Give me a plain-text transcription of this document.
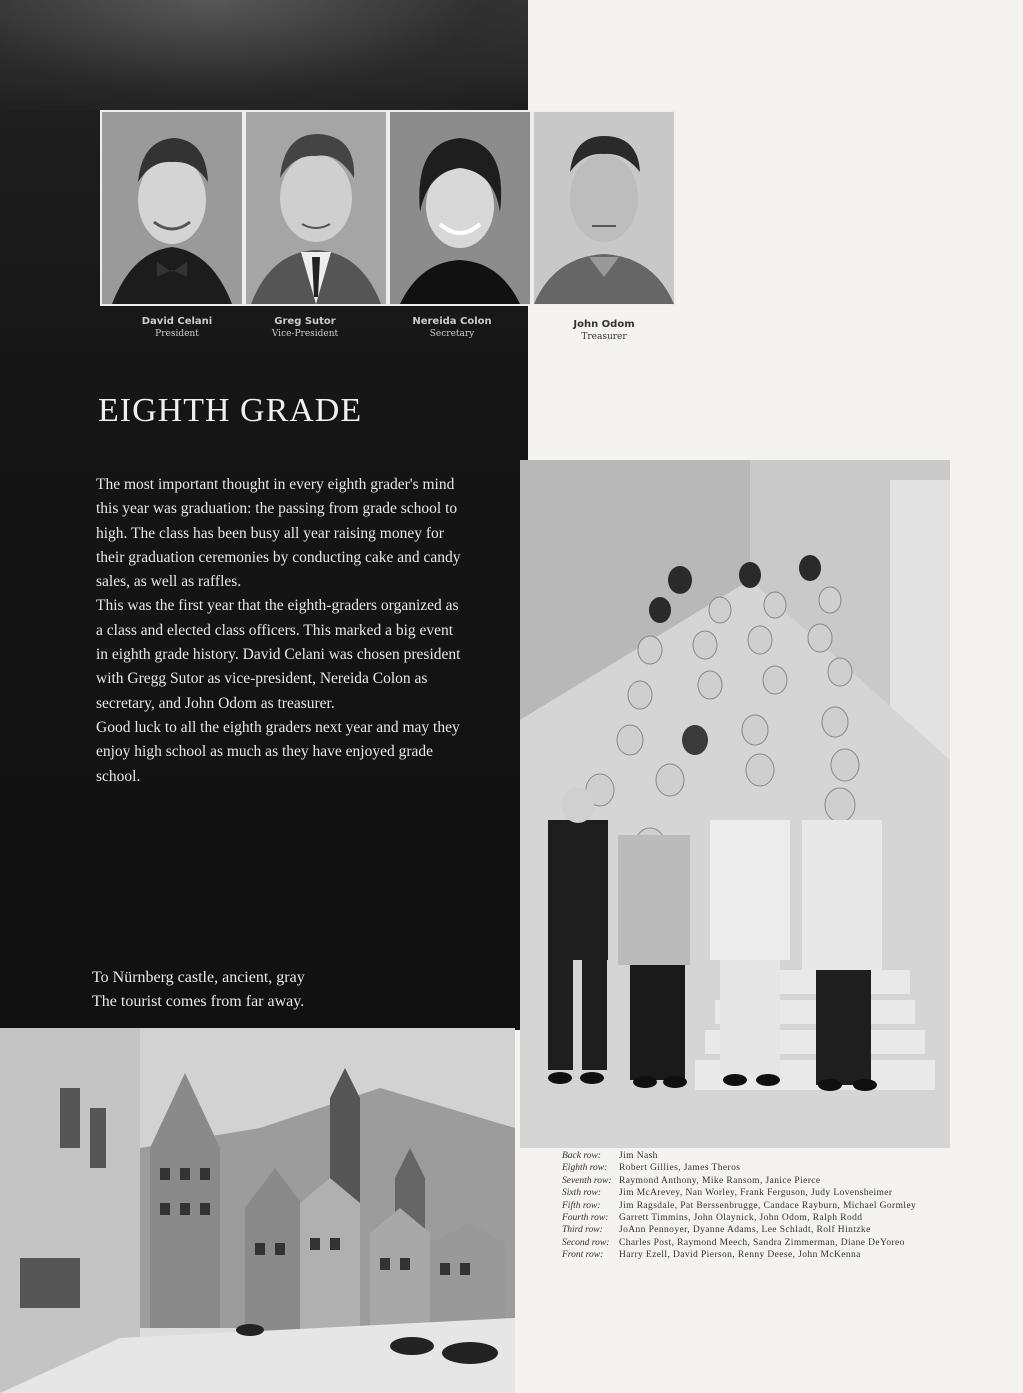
David Celani
President
Greg Sutor
Vice-President
Nereida Colon
Secretary
John Odom
Treasurer
EIGHTH GRADE

The most important thought in every eighth grader's mind this year was graduation: the passing from grade school to high. The class has been busy all year raising money for their graduation ceremonies by conducting cake and candy sales, as well as raffles.

This was the first year that the eighth-graders organized as a class and elected class officers. This marked a big event in eighth grade history. David Celani was chosen president with Gregg Sutor as vice-president, Nereida Colon as secretary, and John Odom as treasurer.

Good luck to all the eighth graders next year and may they enjoy high school as much as they have enjoyed grade school.

To Nürnberg castle, ancient, gray
The tourist comes from far away.
Back row:	Jim Nash
Eighth row:	Robert Gillies, James Theros
Seventh row: Raymond Anthony, Mike Ransom, Janice Pierce
Sixth row:	Jim McArevey, Nan Worley, Frank Ferguson, Judy Lovensheimer
Fifth row:	Jim Ragsdale, Pat Berssenbrugge, Candace Rayburn, Michael Gormley
Fourth row:	Garrett Timmins, John Olaynick, John Odom, Ralph Rodd
Third row:	JoAnn Pennoyer, Dyanne Adams, Lee Schladt, Rolf Hintzke
Second row:	Charles Post, Raymond Meech, Sandra Zimmerman, Diane DeYoreo
Front row:	Harry Ezell, David Pierson, Renny Deese, John McKenna
